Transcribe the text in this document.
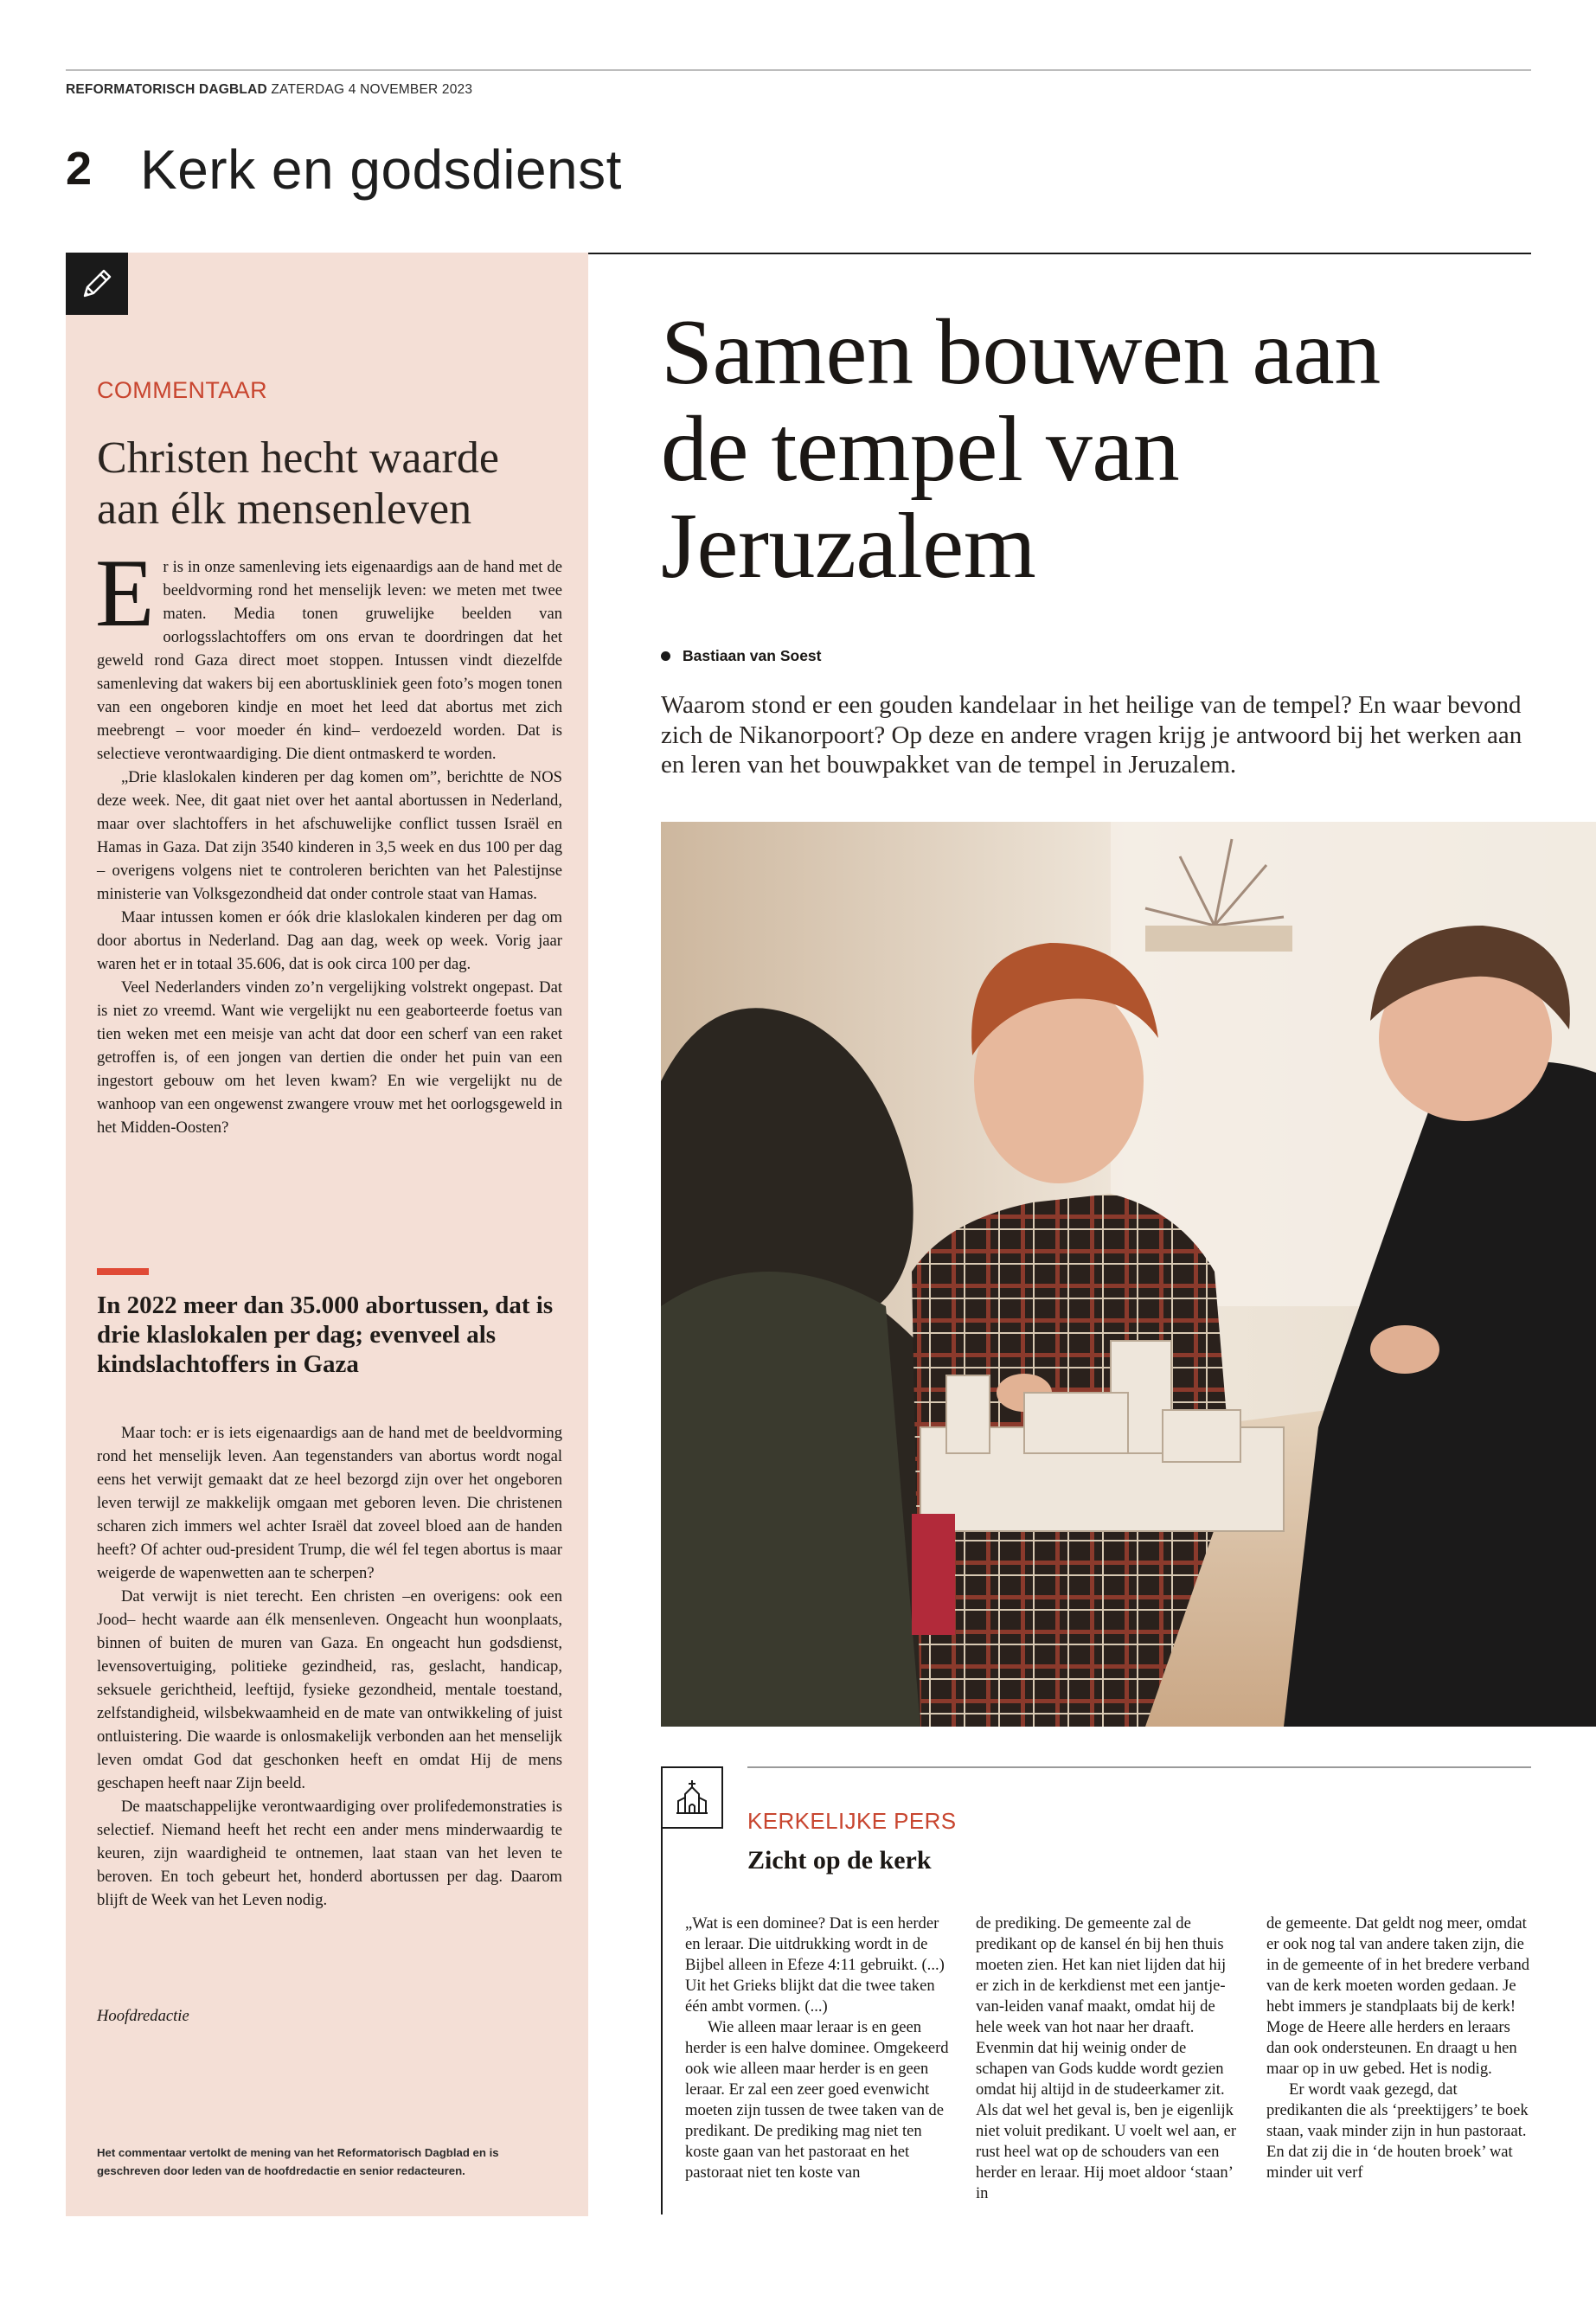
REFORMATORISCH DAGBLAD ZATERDAG 4 NOVEMBER 2023
2 Kerk en godsdienst
COMMENTAAR
Christen hecht waarde aan élk mensenleven

Er is in onze samenleving iets eigenaardigs aan de hand met de beeldvorming rond het menselijk leven: we meten met twee maten. Media tonen gruwelijke beelden van oorlogsslachtoffers om ons ervan te doordringen dat het geweld rond Gaza direct moet stoppen. Intussen vindt diezelfde samenleving dat wakers bij een abortuskliniek geen foto’s mogen tonen van een ongeboren kindje en moet het leed dat abortus met zich meebrengt – voor moeder én kind– verdoezeld worden. Dat is selectieve verontwaardiging. Die dient ontmaskerd te worden.

„Drie klaslokalen kinderen per dag komen om”, berichtte de NOS deze week. Nee, dit gaat niet over het aantal abortussen in Nederland, maar over slachtoffers in het afschuwelijke conflict tussen Israël en Hamas in Gaza. Dat zijn 3540 kinderen in 3,5 week en dus 100 per dag – overigens volgens niet te controleren berichten van het Palestijnse ministerie van Volksgezondheid dat onder controle staat van Hamas.

Maar intussen komen er óók drie klaslokalen kinderen per dag om door abortus in Nederland. Dag aan dag, week op week. Vorig jaar waren het er in totaal 35.606, dat is ook circa 100 per dag.

Veel Nederlanders vinden zo’n vergelijking volstrekt ongepast. Dat is niet zo vreemd. Want wie vergelijkt nu een geaborteerde foetus van tien weken met een meisje van acht dat door een scherf van een raket getroffen is, of een jongen van dertien die onder het puin van een ingestort gebouw om het leven kwam? En wie vergelijkt nu de wanhoop van een ongewenst zwangere vrouw met het oorlogsgeweld in het Midden-Oosten?

In 2022 meer dan 35.000 abortussen, dat is drie klaslokalen per dag; evenveel als kindslachtoffers in Gaza

Maar toch: er is iets eigenaardigs aan de hand met de beeldvorming rond het menselijk leven. Aan tegenstanders van abortus wordt nogal eens het verwijt gemaakt dat ze heel bezorgd zijn over het ongeboren leven terwijl ze makkelijk omgaan met geboren leven. Die christenen scharen zich immers wel achter Israël dat zoveel bloed aan de handen heeft? Of achter oud-president Trump, die wél fel tegen abortus is maar weigerde de wapenwetten aan te scherpen?

Dat verwijt is niet terecht. Een christen –en overigens: ook een Jood– hecht waarde aan élk mensenleven. Ongeacht hun woonplaats, binnen of buiten de muren van Gaza. En ongeacht hun godsdienst, levensovertuiging, politieke gezindheid, ras, geslacht, handicap, seksuele gerichtheid, leeftijd, fysieke gezondheid, mentale toestand, zelfstandigheid, wilsbekwaamheid en de mate van ontwikkeling of juist ontluistering. Die waarde is onlosmakelijk verbonden aan het menselijk leven omdat God dat geschonken heeft en omdat Hij de mens geschapen heeft naar Zijn beeld.

De maatschappelijke verontwaardiging over prolifedemonstraties is selectief. Niemand heeft het recht een ander mens minderwaardig te keuren, zijn waardigheid te ontnemen, laat staan van het leven te beroven. En toch gebeurt het, honderd abortussen per dag. Daarom blijft de Week van het Leven nodig.

Hoofdredactie
Het commentaar vertolkt de mening van het Reformatorisch Dagblad en is geschreven door leden van de hoofdredactie en senior redacteuren.
Samen bouwen aan de tempel van Jeruzalem
Bastiaan van Soest

Waarom stond er een gouden kandelaar in het heilige van de tempel? En waar bevond zich de Nikanorpoort? Op deze en andere vragen krijg je antwoord bij het werken aan en leren van het bouwpakket van de tempel in Jeruzalem.

KERKELIJKE PERS
Zicht op de kerk

„Wat is een dominee? Dat is een herder en leraar. Die uitdrukking wordt in de Bijbel alleen in Efeze 4:11 gebruikt. (...) Uit het Grieks blijkt dat die twee taken één ambt vormen. (...)

Wie alleen maar leraar is en geen herder is een halve dominee. Omgekeerd ook wie alleen maar herder is en geen leraar. Er zal een zeer goed evenwicht moeten zijn tussen de twee taken van de predikant. De prediking mag niet ten koste gaan van het pastoraat en het pastoraat niet ten koste van

de prediking. De gemeente zal de predikant op de kansel én bij hen thuis moeten zien. Het kan niet lijden dat hij er zich in de kerkdienst met een jantje-van-leiden vanaf maakt, omdat hij de hele week van hot naar her draaft. Evenmin dat hij weinig onder de schapen van Gods kudde wordt gezien omdat hij altijd in de studeerkamer zit. Als dat wel het geval is, ben je eigenlijk niet voluit predikant. U voelt wel aan, er rust heel wat op de schouders van een herder en leraar. Hij moet aldoor ‘staan’ in

de gemeente. Dat geldt nog meer, omdat er ook nog tal van andere taken zijn, die in de gemeente of in het bredere verband van de kerk moeten worden gedaan. Je hebt immers je standplaats bij de kerk! Moge de Heere alle herders en leraars dan ook ondersteunen. En draagt u hen maar op in uw gebed. Het is nodig.

Er wordt vaak gezegd, dat predikanten die als ‘preektijgers’ te boek staan, vaak minder zijn in hun pastoraat. En dat zij die in ‘de houten broek’ wat minder uit verf
